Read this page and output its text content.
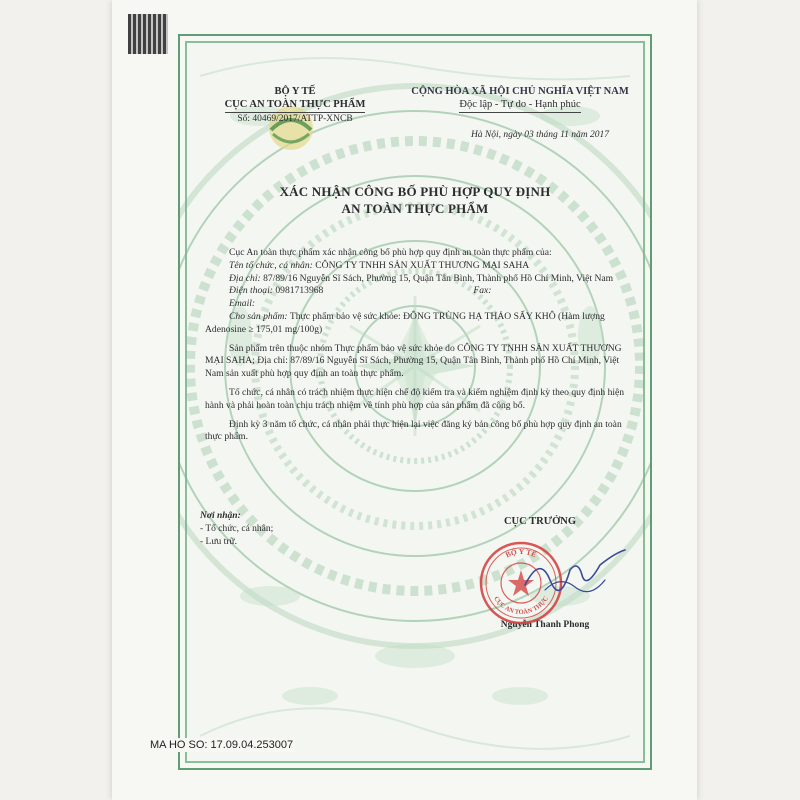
BỘ Y TẾ
CỤC AN TOÀN THỰC PHẨM
Số: 40469/2017/ATTP-XNCB
CỘNG HÒA XÃ HỘI CHỦ NGHĨA VIỆT NAM
Độc lập - Tự do - Hạnh phúc
Hà Nội, ngày 03 tháng 11 năm 2017
XÁC NHẬN CÔNG BỐ PHÙ HỢP QUY ĐỊNH
AN TOÀN THỰC PHẨM

Cục An toàn thực phẩm xác nhận công bố phù hợp quy định an toàn thực phẩm của:

Tên tổ chức, cá nhân: CÔNG TY TNHH SẢN XUẤT THƯƠNG MẠI SAHA

Địa chỉ: 87/89/16 Nguyễn Sĩ Sách, Phường 15, Quận Tân Bình, Thành phố Hồ Chí Minh, Việt Nam

Điện thoại: 0981713968	Fax:

Email:

Cho sản phẩm: Thực phẩm bảo vệ sức khỏe: ĐÔNG TRÙNG HẠ THẢO SẤY KHÔ (Hàm lượng Adenosine ≥ 175,01 mg/100g)

Sản phẩm trên thuộc nhóm Thực phẩm bảo vệ sức khỏe do CÔNG TY TNHH SẢN XUẤT THƯƠNG MẠI SAHA; Địa chỉ: 87/89/16 Nguyễn Sĩ Sách, Phường 15, Quận Tân Bình, Thành phố Hồ Chí Minh, Việt Nam sản xuất phù hợp quy định an toàn thực phẩm.

Tổ chức, cá nhân có trách nhiệm thực hiện chế độ kiểm tra và kiểm nghiệm định kỳ theo quy định hiện hành và phải hoàn toàn chịu trách nhiệm về tính phù hợp của sản phẩm đã công bố.

Định kỳ 3 năm tổ chức, cá nhân phải thực hiện lại việc đăng ký bản công bố phù hợp quy định an toàn thực phẩm.

Nơi nhận:
- Tổ chức, cá nhân;
- Lưu trữ.
CỤC TRƯỞNG
BỘ Y TẾ
CỤC AN TOÀN THỰC
Nguyễn Thanh Phong
MA HO SO: 17.09.04.253007
